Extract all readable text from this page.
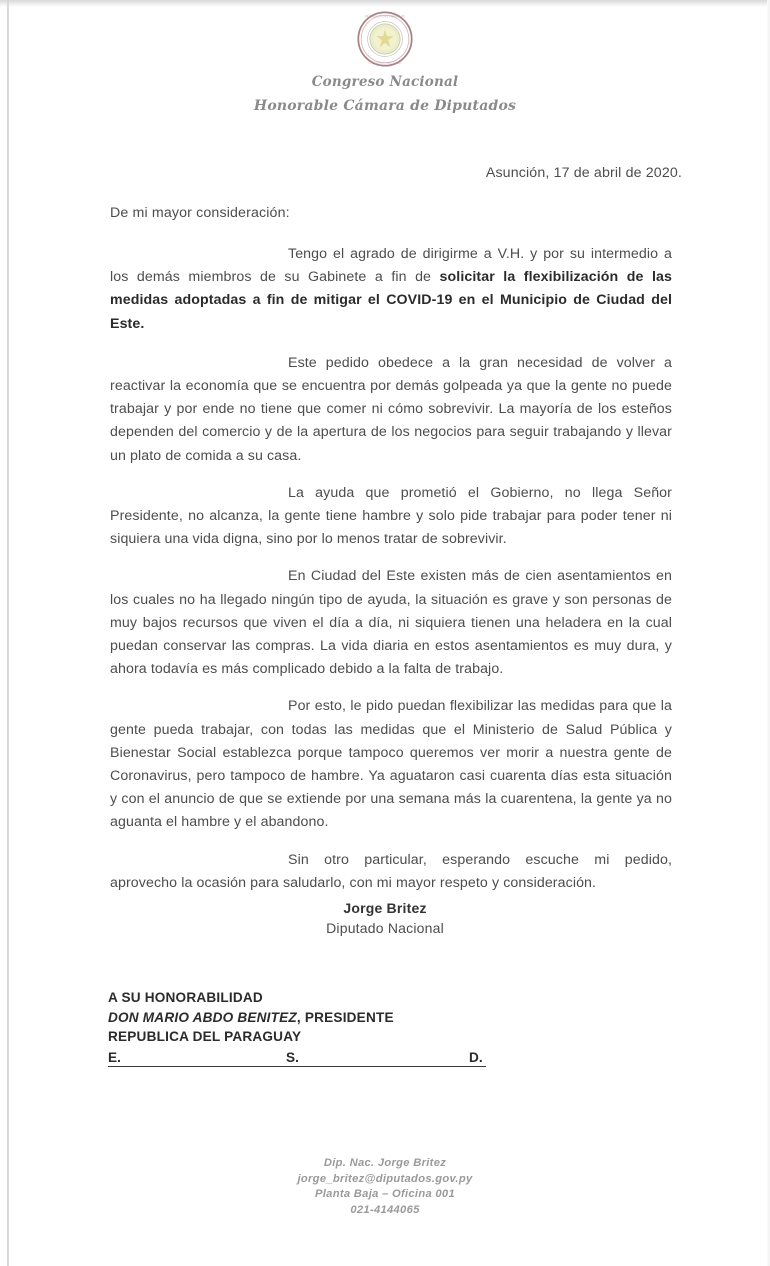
REPUBLICA DEL PARAGUAY
CONGRESO NACIONAL
Congreso Nacional
Honorable Cámara de Diputados
Asunción, 17 de abril de 2020.
De mi mayor consideración:

Tengo el agrado de dirigirme a V.H. y por su intermedio a los demás miembros de su Gabinete a fin de solicitar la flexibilización de las medidas adoptadas a fin de mitigar el COVID-19 en el Municipio de Ciudad del Este.

Este pedido obedece a la gran necesidad de volver a reactivar la economía que se encuentra por demás golpeada ya que la gente no puede trabajar y por ende no tiene que comer ni cómo sobrevivir. La mayoría de los esteños dependen del comercio y de la apertura de los negocios para seguir trabajando y llevar un plato de comida a su casa.

La ayuda que prometió el Gobierno, no llega Señor Presidente, no alcanza, la gente tiene hambre y solo pide trabajar para poder tener ni siquiera una vida digna, sino por lo menos tratar de sobrevivir.

En Ciudad del Este existen más de cien asentamientos en los cuales no ha llegado ningún tipo de ayuda, la situación es grave y son personas de muy bajos recursos que viven el día a día, ni siquiera tienen una heladera en la cual puedan conservar las compras. La vida diaria en estos asentamientos es muy dura, y ahora todavía es más complicado debido a la falta de trabajo.

Por esto, le pido puedan flexibilizar las medidas para que la gente pueda trabajar, con todas las medidas que el Ministerio de Salud Pública y Bienestar Social establezca porque tampoco queremos ver morir a nuestra gente de Coronavirus, pero tampoco de hambre. Ya aguataron casi cuarenta días esta situación y con el anuncio de que se extiende por una semana más la cuarentena, la gente ya no aguanta el hambre y el abandono.

Sin otro particular, esperando escuche mi pedido, aprovecho la ocasión para saludarlo, con mi mayor respeto y consideración.

Jorge Britez
Diputado Nacional
A SU HONORABILIDAD
DON MARIO ABDO BENITEZ, PRESIDENTE
REPUBLICA DEL PARAGUAY
E.	S.	D.
Dip. Nac. Jorge Britez
jorge_britez@diputados.gov.py
Planta Baja – Oficina 001
021-4144065
